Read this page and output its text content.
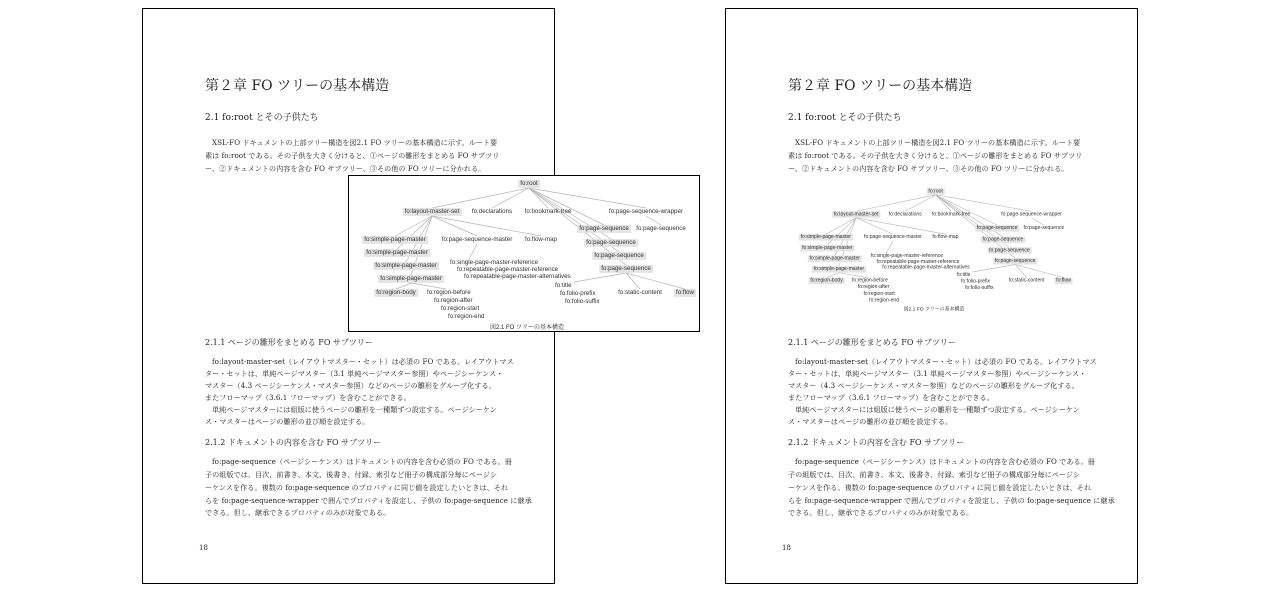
第２章 FO ツリーの基本構造
2.1 fo:root とその子供たち
XSL-FO ドキュメントの上部ツリー構造を図2.1 FO ツリーの基本構造に示す。ルート要
素は fo:root である。その子供を大きく分けると、①ページの雛形をまとめる FO サブツリ
ー、②ドキュメントの内容を含む FO サブツリー、③その他の FO ツリーに分かれる。
2.1.1 ページの雛形をまとめる FO サブツリー
fo:layout-master-set（レイアウトマスター・セット）は必須の FO である。レイアウトマス
ター・セットは、単純ページマスター（3.1 単純ページマスター参照）やページシーケンス・
マスター（4.3 ページシーケンス・マスター参照）などのページの雛形をグループ化する。
またフローマップ（3.6.1 フローマップ）を含むことができる。
単純ページマスターには組版に使うページの雛形を一種類ずつ設定する。ページシーケン
ス・マスターはページの雛形の並び順を設定する。
2.1.2 ドキュメントの内容を含む FO サブツリー
fo:page-sequence（ページシーケンス）はドキュメントの内容を含む必須の FO である。冊
子の組版では、目次、前書き、本文、後書き、付録、索引など冊子の構成部分毎にページシ
ーケンスを作る。複数の fo:page-sequence のプロパティに同じ値を設定したいときは、それ
らを fo:page-sequence-wrapper で囲んでプロパティを設定し、子供の fo:page-sequence に継承
できる。但し、継承できるプロパティのみが対象である。
18
第２章 FO ツリーの基本構造
2.1 fo:root とその子供たち
XSL-FO ドキュメントの上部ツリー構造を図2.1 FO ツリーの基本構造に示す。ルート要
素は fo:root である。その子供を大きく分けると、①ページの雛形をまとめる FO サブツリ
ー、②ドキュメントの内容を含む FO サブツリー、③その他の FO ツリーに分かれる。
2.1.1 ページの雛形をまとめる FO サブツリー
fo:layout-master-set（レイアウトマスター・セット）は必須の FO である。レイアウトマス
ター・セットは、単純ページマスター（3.1 単純ページマスター参照）やページシーケンス・
マスター（4.3 ページシーケンス・マスター参照）などのページの雛形をグループ化する。
またフローマップ（3.6.1 フローマップ）を含むことができる。
単純ページマスターには組版に使うページの雛形を一種類ずつ設定する。ページシーケン
ス・マスターはページの雛形の並び順を設定する。
2.1.2 ドキュメントの内容を含む FO サブツリー
fo:page-sequence（ページシーケンス）はドキュメントの内容を含む必須の FO である。冊
子の組版では、目次、前書き、本文、後書き、付録、索引など冊子の構成部分毎にページシ
ーケンスを作る。複数の fo:page-sequence のプロパティに同じ値を設定したいときは、それ
らを fo:page-sequence-wrapper で囲んでプロパティを設定し、子供の fo:page-sequence に継承
できる。但し、継承できるプロパティのみが対象である。
18
fo:root
fo:layout-master-set fo:declarations fo:bookmark-tree	fo:page-sequence-wrapper
fo:page-sequence fo:page-sequence
fo:simple-page-master
fo:simple-page-master
fo:simple-page-master
fo:simple-page-master
fo:page-sequence-master fo:flow-map	fo:page-sequence
fo:page-sequence
fo:page-sequence
fo:single-page-master-reference
fo:repeatable-page-master-reference
fo:repeatable-page-master-alternatives
fo:region-body fo:region-before
fo:region-after
fo:region-start
fo:region-end
fo:title
fo:folio-prefix
fo:folio-suffix
fo:static-content fo:flow
図2.1 FO ツリーの基本構造
fo:root
fo:layout-master-set	fo:declarations fo:bookmark-tree	fo:page-sequence-wrapper
fo:page-sequence	fo:page-sequence
fo:simple-page-master
fo:simple-page-master
fo:simple-page-master
fo:simple-page-master
fo:page-sequence-master fo:flow-map	fo:page-sequence
fo:page-sequence
fo:page-sequence
fo:single-page-master-reference
fo:repeatable-page-master-reference
fo:repeatable-page-master-alternatives
fo:region-body	fo:region-before
fo:region-after
fo:region-start
fo:region-end
fo:title
fo:folio-prefix
fo:folio-suffix
fo:static-content	fo:flow
図2.1 FO ツリーの基本構造
